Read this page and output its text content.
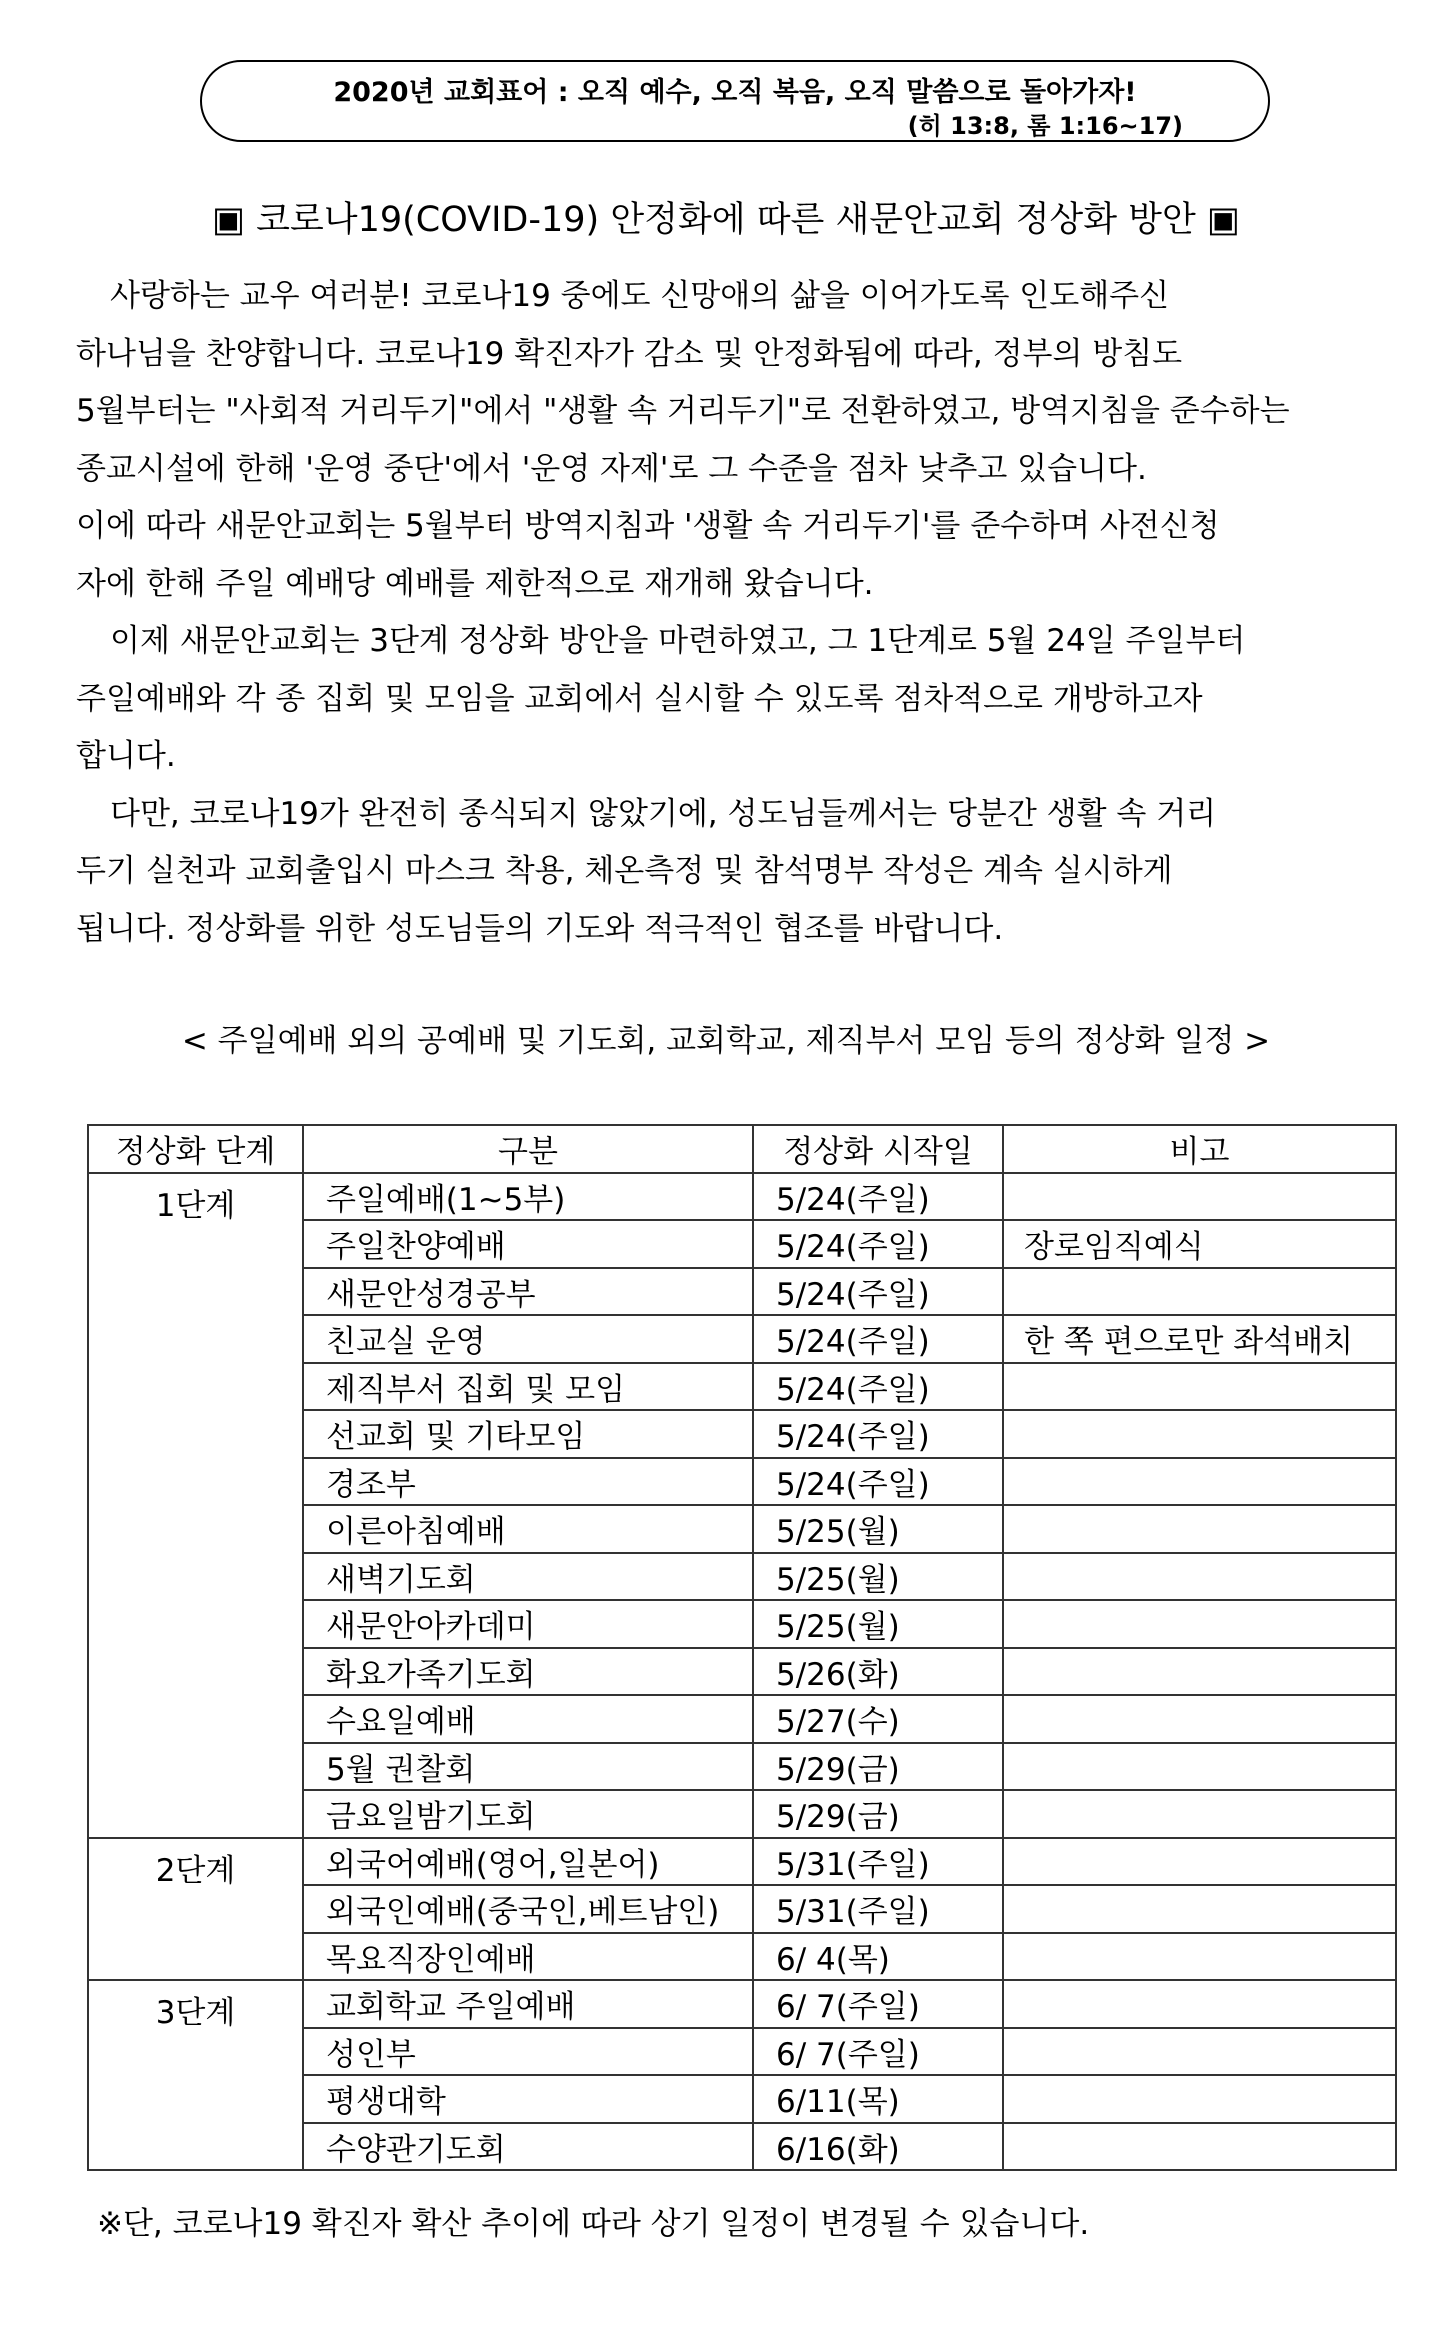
2020년 교회표어 : 오직 예수, 오직 복음, 오직 말씀으로 돌아가자!
(히 13:8, 롬 1:16~17)
▣ 코로나19(COVID-19) 안정화에 따른 새문안교회 정상화 방안 ▣

사랑하는 교우 여러분! 코로나19 중에도 신망애의 삶을 이어가도록 인도해주신

하나님을 찬양합니다. 코로나19 확진자가 감소 및 안정화됨에 따라, 정부의 방침도

5월부터는 "사회적 거리두기"에서 "생활 속 거리두기"로 전환하였고, 방역지침을 준수하는

종교시설에 한해 '운영 중단'에서 '운영 자제'로 그 수준을 점차 낮추고 있습니다.

이에 따라 새문안교회는 5월부터 방역지침과 '생활 속 거리두기'를 준수하며 사전신청

자에 한해 주일 예배당 예배를 제한적으로 재개해 왔습니다.

이제 새문안교회는 3단계 정상화 방안을 마련하였고, 그 1단계로 5월 24일 주일부터

주일예배와 각 종 집회 및 모임을 교회에서 실시할 수 있도록 점차적으로 개방하고자

합니다.

다만, 코로나19가 완전히 종식되지 않았기에, 성도님들께서는 당분간 생활 속 거리

두기 실천과 교회출입시 마스크 착용, 체온측정 및 참석명부 작성은 계속 실시하게

됩니다. 정상화를 위한 성도님들의 기도와 적극적인 협조를 바랍니다.

< 주일예배 외의 공예배 및 기도회, 교회학교, 제직부서 모임 등의 정상화 일정 >
정상화 단계	구분	정상화 시작일	비고
1단계	주일예배(1~5부)	5/24(주일)	
	주일찬양예배	5/24(주일)	장로임직예식
	새문안성경공부	5/24(주일)	
	친교실 운영	5/24(주일)	한 쪽 편으로만 좌석배치
	제직부서 집회 및 모임	5/24(주일)	
	선교회 및 기타모임	5/24(주일)	
	경조부	5/24(주일)	
	이른아침예배	5/25(월)	
	새벽기도회	5/25(월)	
	새문안아카데미	5/25(월)	
	화요가족기도회	5/26(화)	
	수요일예배	5/27(수)	
	5월 권찰회	5/29(금)	
	금요일밤기도회	5/29(금)	
2단계	외국어예배(영어,일본어)	5/31(주일)	
	외국인예배(중국인,베트남인)	5/31(주일)	
	목요직장인예배	6/ 4(목)	
3단계	교회학교 주일예배	6/ 7(주일)	
	성인부	6/ 7(주일)	
	평생대학	6/11(목)	
	수양관기도회	6/16(화)	
※단, 코로나19 확진자 확산 추이에 따라 상기 일정이 변경될 수 있습니다.
